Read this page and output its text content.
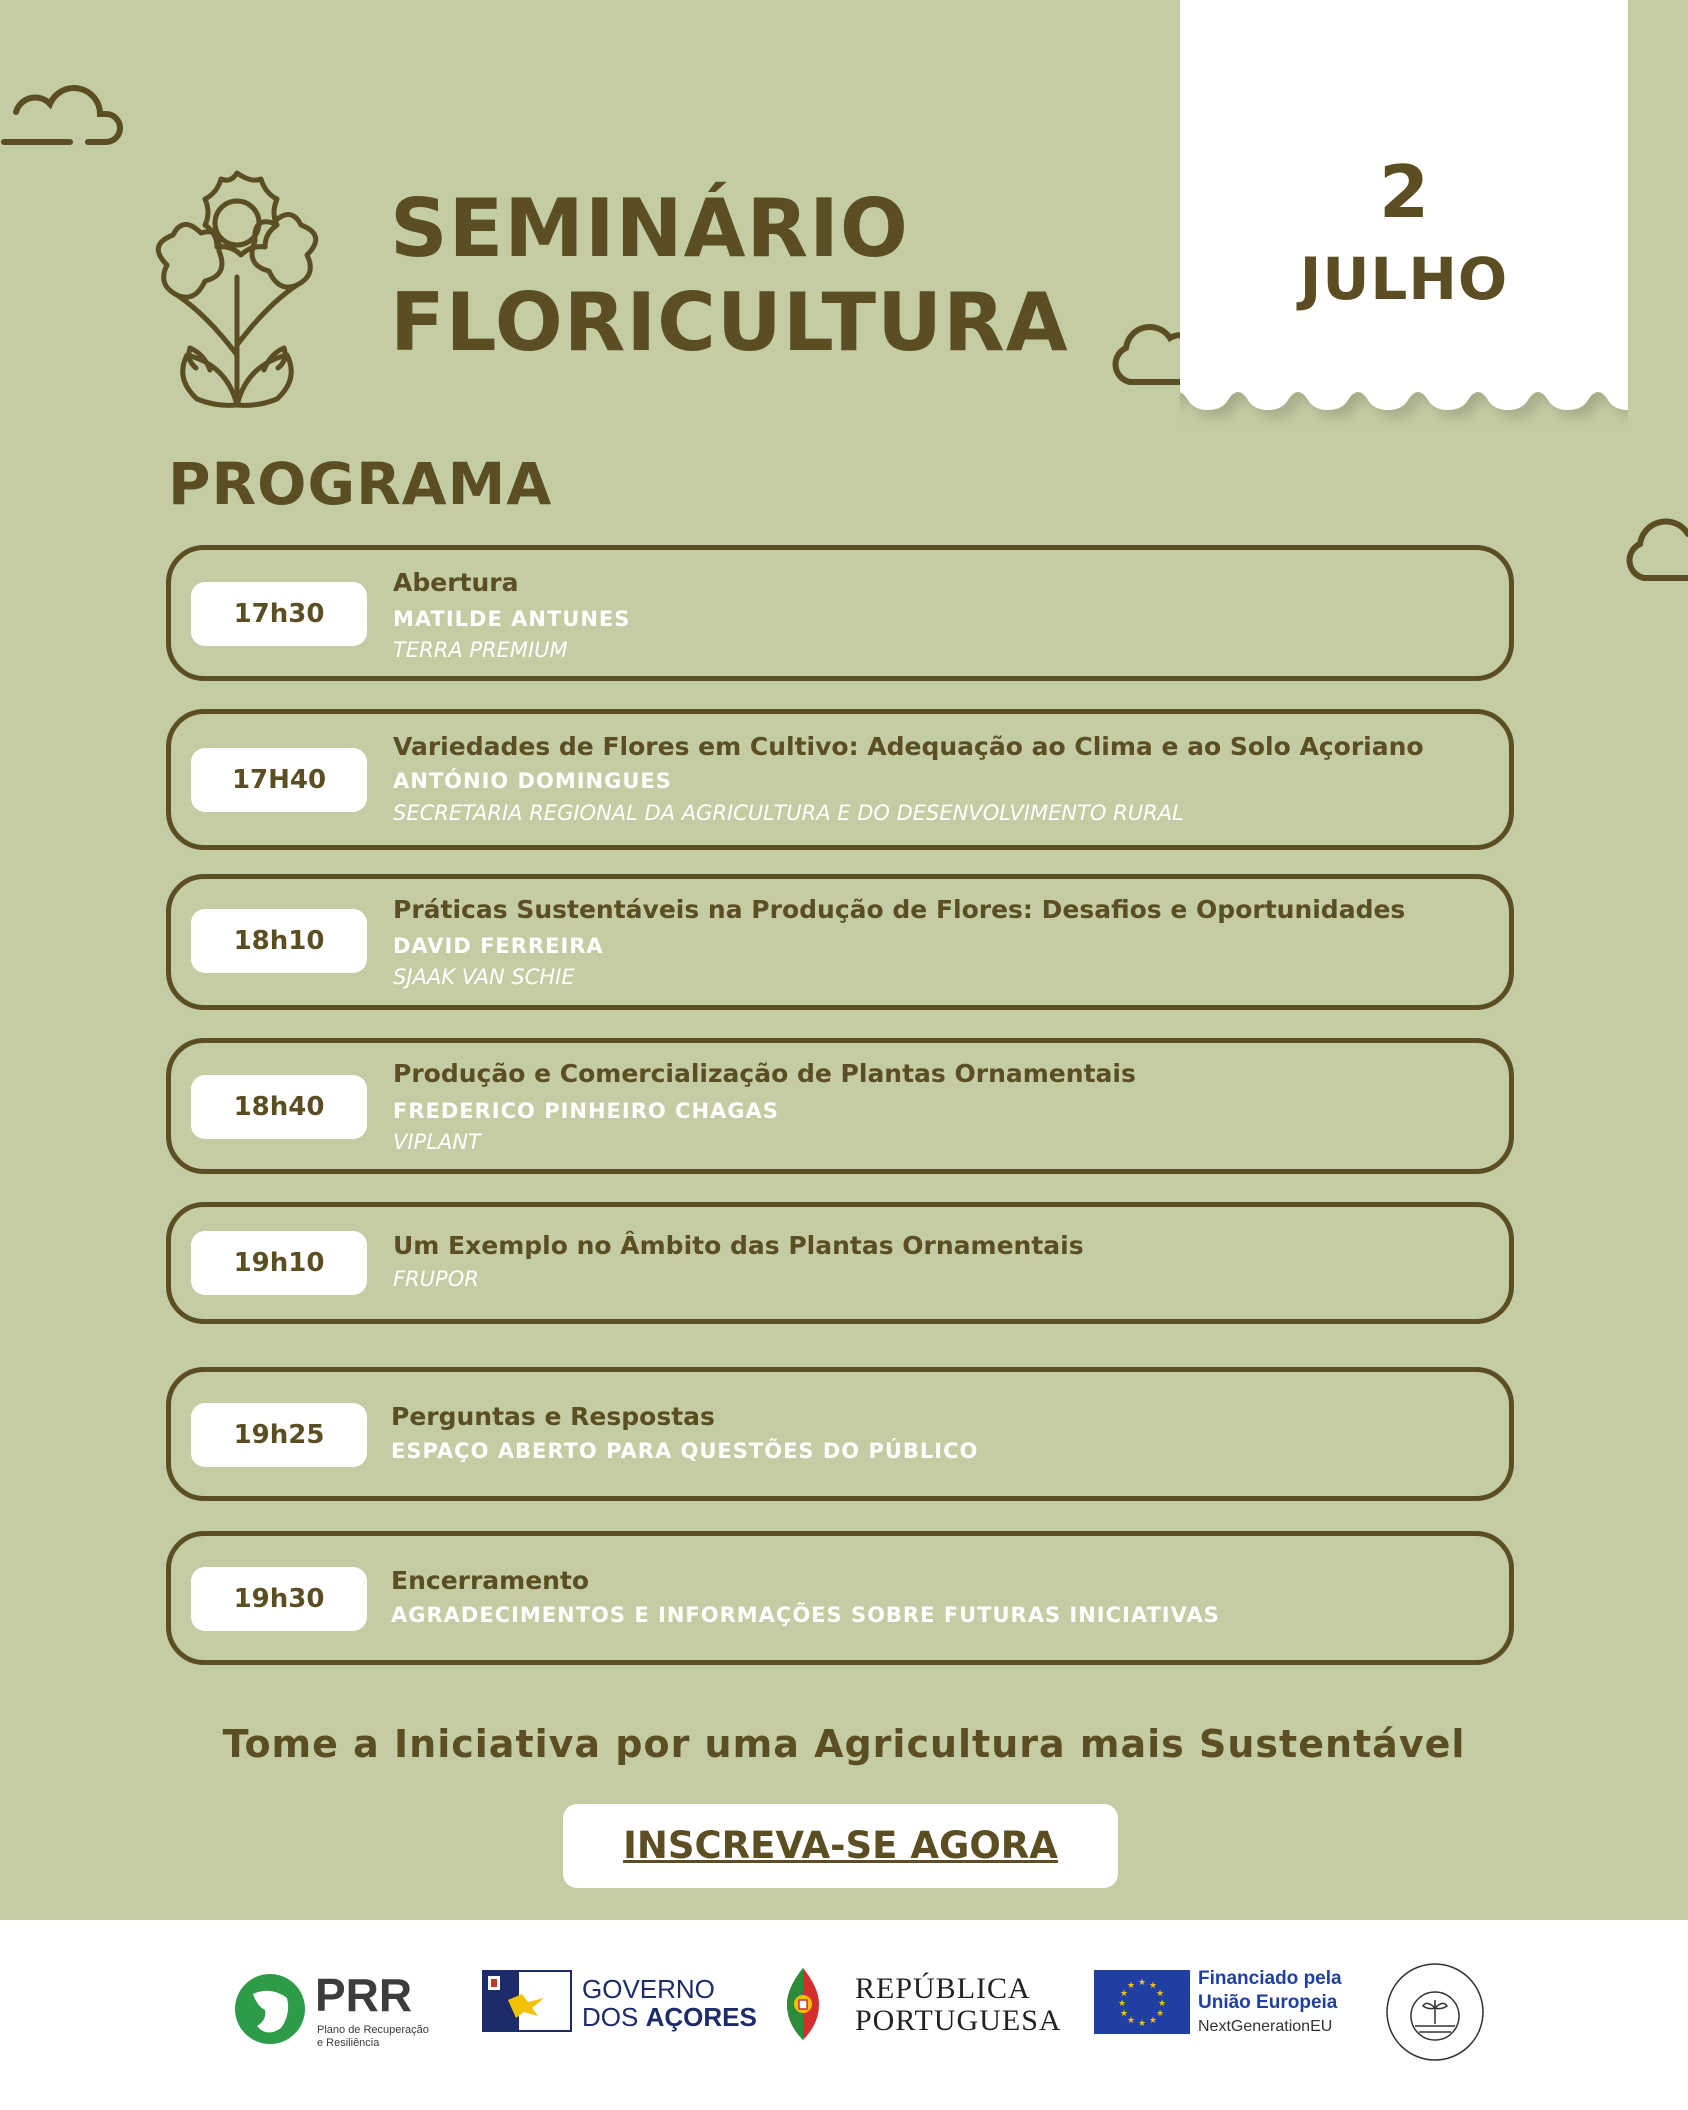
SEMINÁRIO
FLORICULTURA
2
JULHO
PROGRAMA
17h30
Abertura
MATILDE ANTUNES
TERRA PREMIUM
17H40
Variedades de Flores em Cultivo: Adequação ao Clima e ao Solo Açoriano
ANTÓNIO DOMINGUES
SECRETARIA REGIONAL DA AGRICULTURA E DO DESENVOLVIMENTO RURAL
18h10
Práticas Sustentáveis na Produção de Flores: Desafios e Oportunidades
DAVID FERREIRA
SJAAK VAN SCHIE
18h40
Produção e Comercialização de Plantas Ornamentais
FREDERICO PINHEIRO CHAGAS
VIPLANT
19h10
Um Exemplo no Âmbito das Plantas Ornamentais
FRUPOR
19h25
Perguntas e Respostas
ESPAÇO ABERTO PARA QUESTÕES DO PÚBLICO
19h30
Encerramento
AGRADECIMENTOS E INFORMAÇÕES SOBRE FUTURAS INICIATIVAS
Tome a Iniciativa por uma Agricultura mais Sustentável
INSCREVA-SE AGORA
PRR
Plano de Recuperação
e Resiliência
GOVERNO
DOS AÇORES
REPÚBLICA
PORTUGUESA
★ ★
★
★
★
★
★
★
★
★
★
★	Financiado pela
União Europeia
NextGenerationEU
